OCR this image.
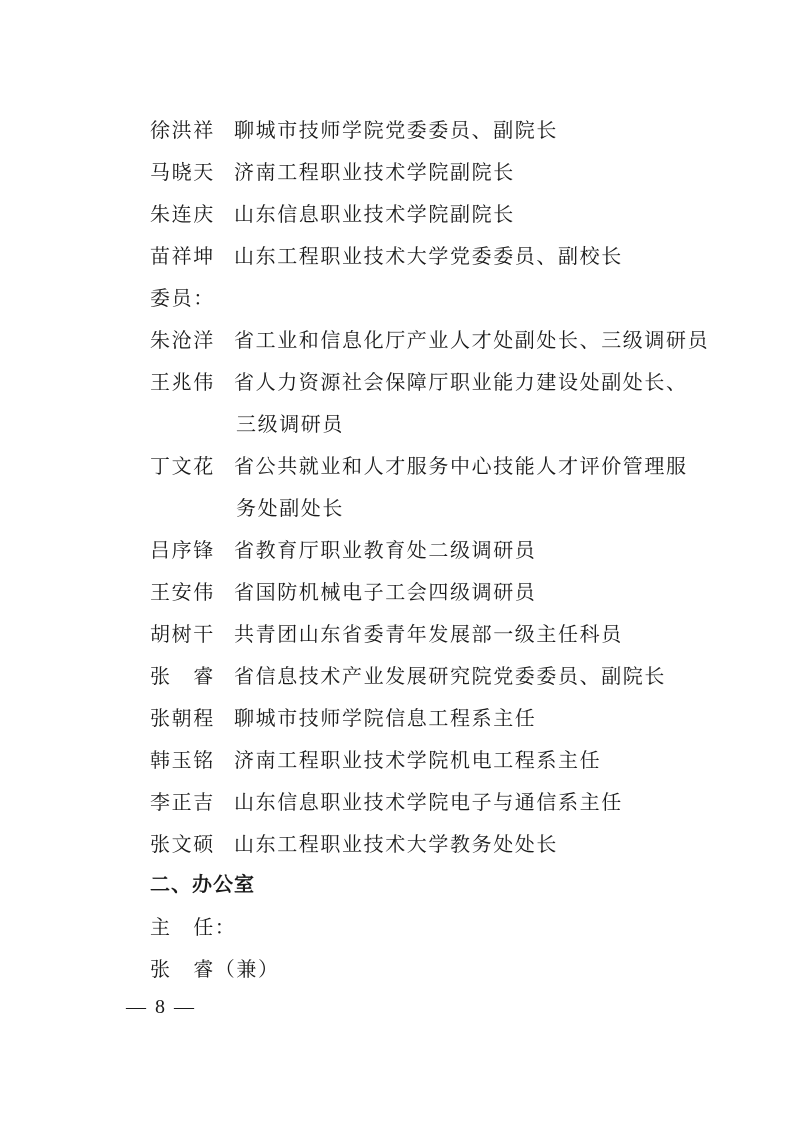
徐洪祥 聊城市技师学院党委委员、副院长
马晓天 济南工程职业技术学院副院长
朱连庆 山东信息职业技术学院副院长
苗祥坤 山东工程职业技术大学党委委员、副校长
委员：
朱沧洋 省工业和信息化厅产业人才处副处长、三级调研员
王兆伟 省人力资源社会保障厅职业能力建设处副处长、
三级调研员
丁文花 省公共就业和人才服务中心技能人才评价管理服
务处副处长
吕序锋 省教育厅职业教育处二级调研员
王安伟 省国防机械电子工会四级调研员
胡树干 共青团山东省委青年发展部一级主任科员
张　睿 省信息技术产业发展研究院党委委员、副院长
张朝程 聊城市技师学院信息工程系主任
韩玉铭 济南工程职业技术学院机电工程系主任
李正吉 山东信息职业技术学院电子与通信系主任
张文硕 山东工程职业技术大学教务处处长
二、办公室
主　任：
张　睿（兼）
— 8 —
